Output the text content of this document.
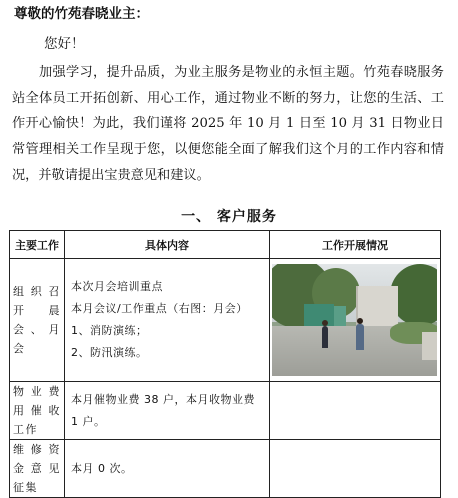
尊敬的竹苑春晓业主：
您好！

加强学习，提升品质，为业主服务是物业的永恒主题。竹苑春晓服务站全体员工开拓创新、用心工作，通过物业不断的努力，让您的生活、工作开心愉快！为此，我们谨将 2025 年 10 月 1 日至 10 月 31 日物业日常管理相关工作呈现于您，以便您能全面了解我们这个月的工作内容和情况，并敬请提出宝贵意见和建议。

一、 客户服务
主要工作	具体内容	工作开展情况
组织召开晨会、月会	本次月会培训重点
本月会议/工作重点（右图：月会）
1、消防演练；
2、防汛演练。	

物业费用催收工作	本月催物业费 38 户，本月收物业费 1 户。	

维修资金意见征集	本月 0 次。	
